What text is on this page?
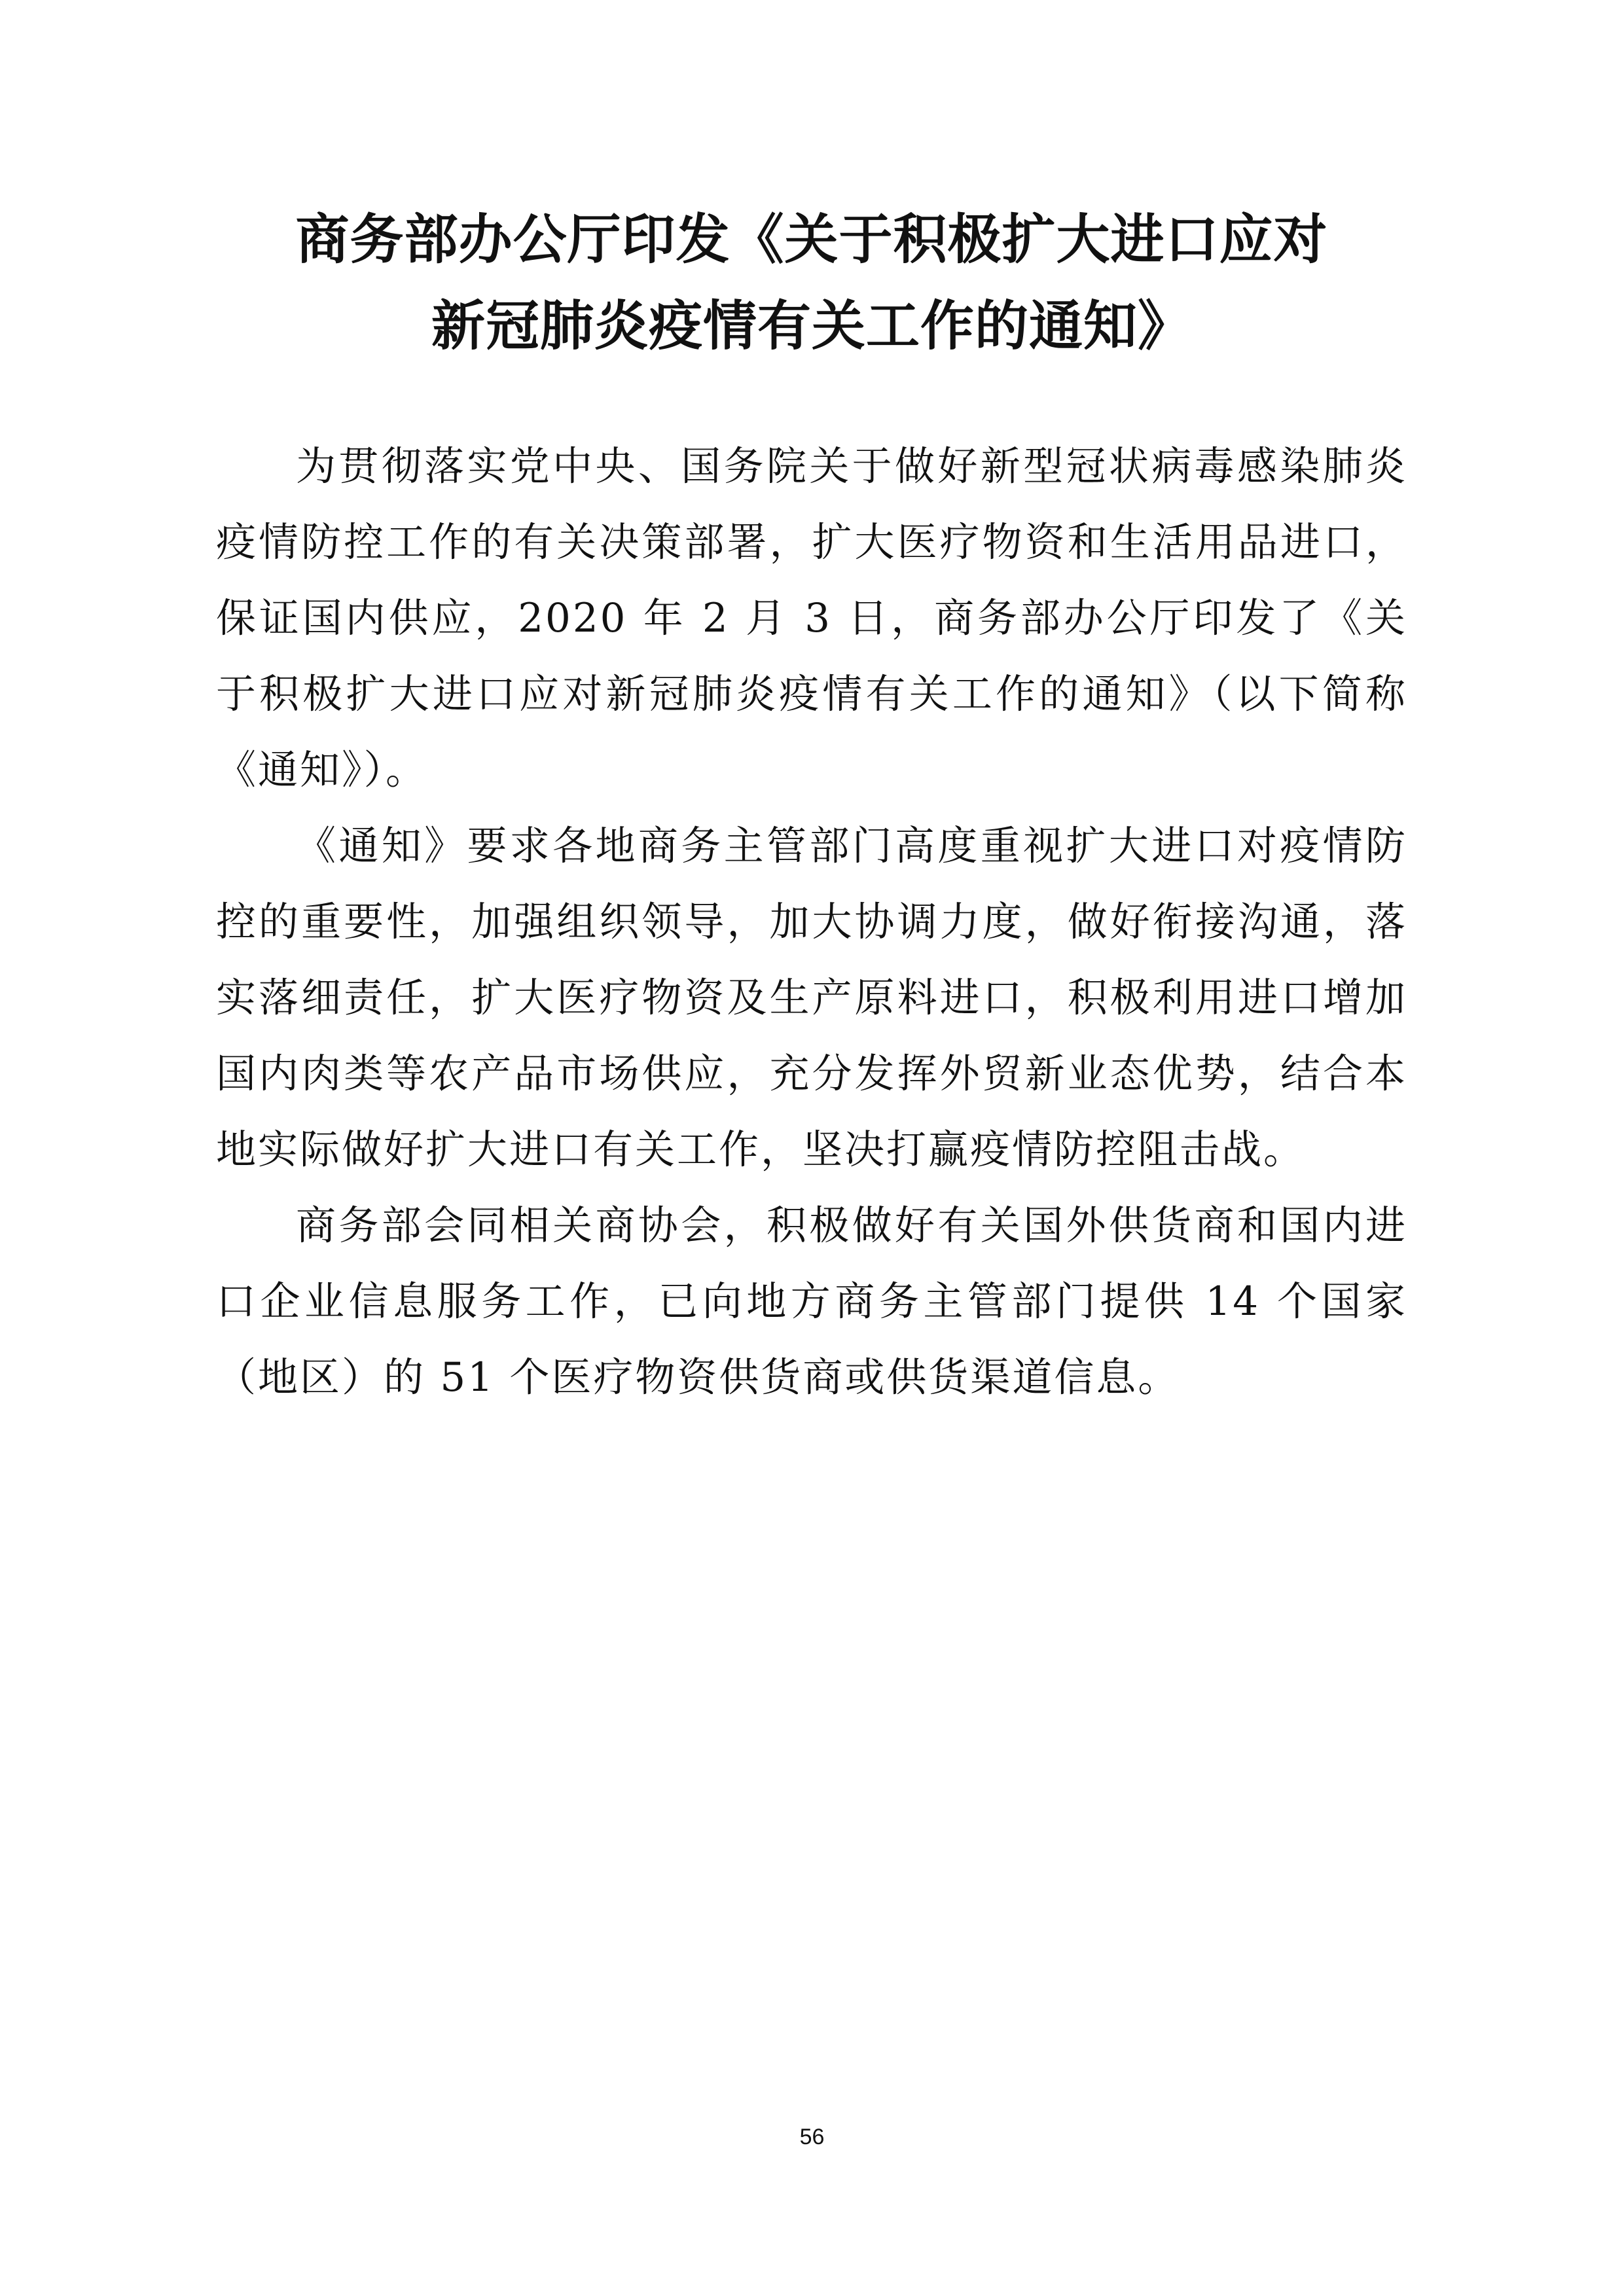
商务部办公厅印发《关于积极扩大进口应对
新冠肺炎疫情有关工作的通知》

为贯彻落实党中央、国务院关于做好新型冠状病毒感染肺炎疫情防控工作的有关决策部署，扩大医疗物资和生活用品进口，保证国内供应，2020 年 2 月 3 日，商务部办公厅印发了《关于积极扩大进口应对新冠肺炎疫情有关工作的通知》（以下简称《通知》）。

《通知》要求各地商务主管部门高度重视扩大进口对疫情防控的重要性，加强组织领导，加大协调力度，做好衔接沟通，落实落细责任，扩大医疗物资及生产原料进口，积极利用进口增加国内肉类等农产品市场供应，充分发挥外贸新业态优势，结合本地实际做好扩大进口有关工作，坚决打赢疫情防控阻击战。

商务部会同相关商协会，积极做好有关国外供货商和国内进口企业信息服务工作，已向地方商务主管部门提供 14 个国家（地区）的 51 个医疗物资供货商或供货渠道信息。

56
